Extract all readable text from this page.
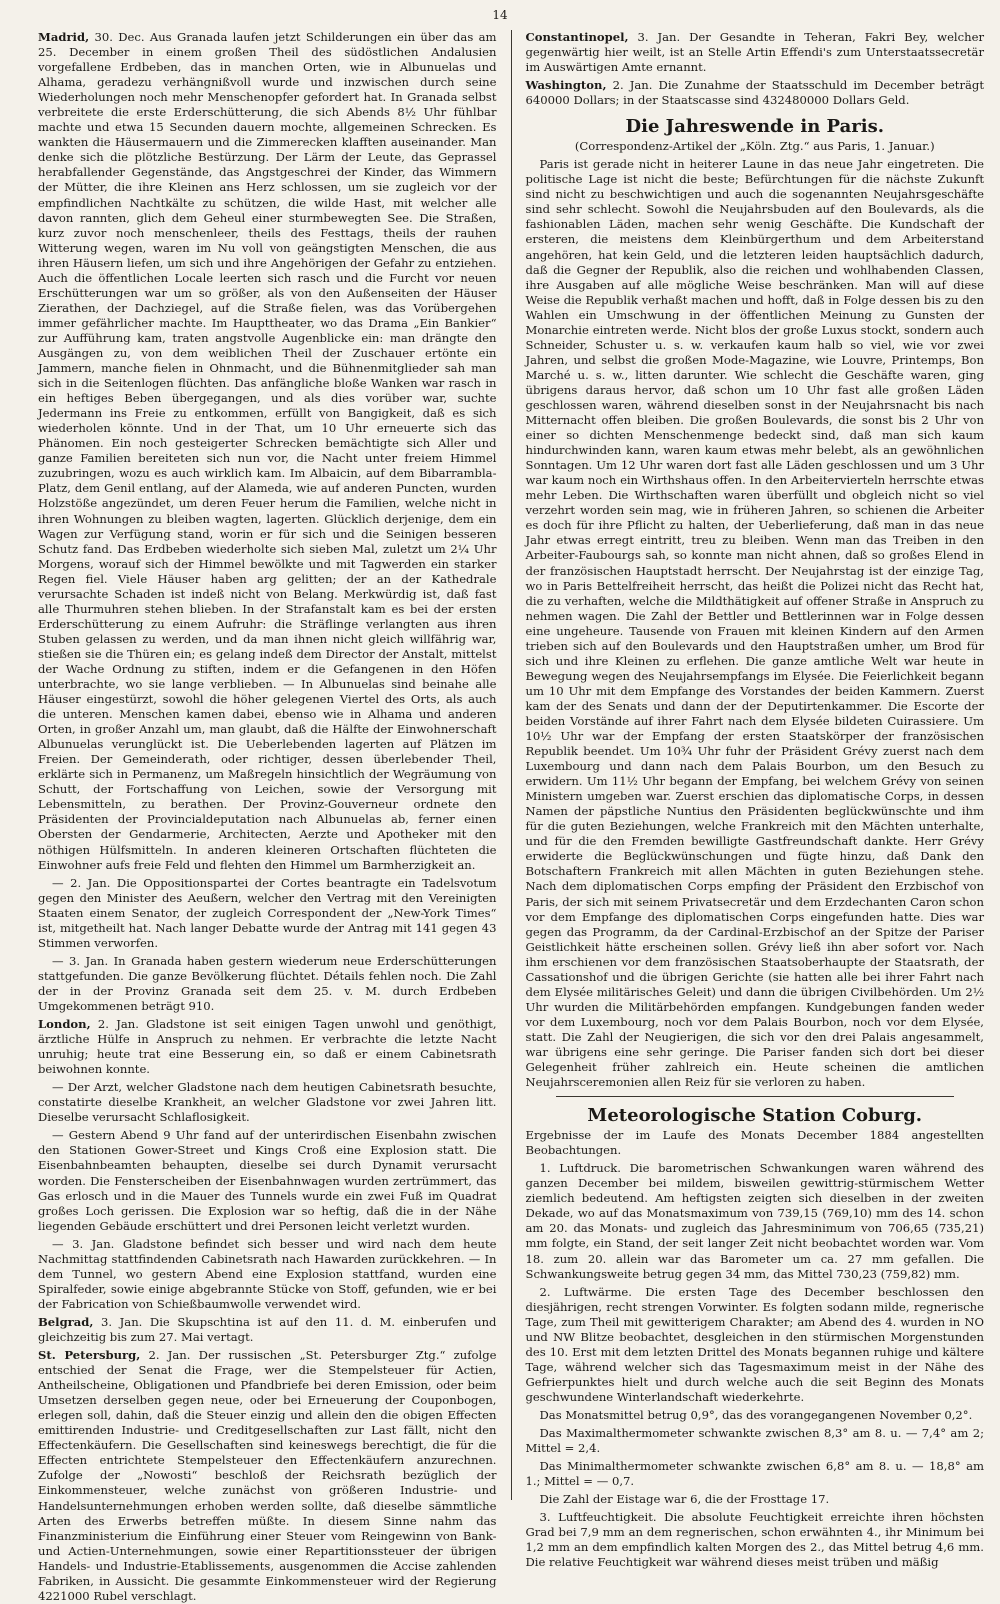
14

Madrid, 30. Dec. Aus Granada laufen jetzt Schilderungen ein über das am 25. December in einem großen Theil des südöstlichen Andalusien vorgefallene Erdbeben, das in manchen Orten, wie in Albunuelas und Alhama, geradezu verhängnißvoll wurde und inzwischen durch seine Wiederholungen noch mehr Menschenopfer gefordert hat. In Granada selbst verbreitete die erste Erderschütterung, die sich Abends 8½ Uhr fühlbar machte und etwa 15 Secunden dauern mochte, allgemeinen Schrecken. Es wankten die Häusermauern und die Zimmerecken klafften auseinander. Man denke sich die plötzliche Bestürzung. Der Lärm der Leute, das Geprassel herabfallender Gegenstände, das Angstgeschrei der Kinder, das Wimmern der Mütter, die ihre Kleinen ans Herz schlossen, um sie zugleich vor der empfindlichen Nachtkälte zu schützen, die wilde Hast, mit welcher alle davon rannten, glich dem Geheul einer sturmbewegten See. Die Straßen, kurz zuvor noch menschenleer, theils des Festtags, theils der rauhen Witterung wegen, waren im Nu voll von geängstigten Menschen, die aus ihren Häusern liefen, um sich und ihre Angehörigen der Gefahr zu entziehen. Auch die öffentlichen Locale leerten sich rasch und die Furcht vor neuen Erschütterungen war um so größer, als von den Außenseiten der Häuser Zierathen, der Dachziegel, auf die Straße fielen, was das Vorübergehen immer gefährlicher machte. Im Haupttheater, wo das Drama „Ein Bankier“ zur Aufführung kam, traten angstvolle Augenblicke ein: man drängte den Ausgängen zu, von dem weiblichen Theil der Zuschauer ertönte ein Jammern, manche fielen in Ohnmacht, und die Bühnenmitglieder sah man sich in die Seitenlogen flüchten. Das anfängliche bloße Wanken war rasch in ein heftiges Beben übergegangen, und als dies vorüber war, suchte Jedermann ins Freie zu entkommen, erfüllt von Bangigkeit, daß es sich wiederholen könnte. Und in der That, um 10 Uhr erneuerte sich das Phänomen. Ein noch gesteigerter Schrecken bemächtigte sich Aller und ganze Familien bereiteten sich nun vor, die Nacht unter freiem Himmel zuzubringen, wozu es auch wirklich kam. Im Albaicin, auf dem Bibarrambla-Platz, dem Genil entlang, auf der Alameda, wie auf anderen Puncten, wurden Holzstöße angezündet, um deren Feuer herum die Familien, welche nicht in ihren Wohnungen zu bleiben wagten, lagerten. Glücklich derjenige, dem ein Wagen zur Verfügung stand, worin er für sich und die Seinigen besseren Schutz fand. Das Erdbeben wiederholte sich sieben Mal, zuletzt um 2¼ Uhr Morgens, worauf sich der Himmel bewölkte und mit Tagwerden ein starker Regen fiel. Viele Häuser haben arg gelitten; der an der Kathedrale verursachte Schaden ist indeß nicht von Belang. Merkwürdig ist, daß fast alle Thurmuhren stehen blieben. In der Strafanstalt kam es bei der ersten Erderschütterung zu einem Aufruhr: die Sträflinge verlangten aus ihren Stuben gelassen zu werden, und da man ihnen nicht gleich willfährig war, stießen sie die Thüren ein; es gelang indeß dem Director der Anstalt, mittelst der Wache Ordnung zu stiften, indem er die Gefangenen in den Höfen unterbrachte, wo sie lange verblieben. — In Albunuelas sind beinahe alle Häuser eingestürzt, sowohl die höher gelegenen Viertel des Orts, als auch die unteren. Menschen kamen dabei, ebenso wie in Alhama und anderen Orten, in großer Anzahl um, man glaubt, daß die Hälfte der Einwohnerschaft Albunuelas verunglückt ist. Die Ueberlebenden lagerten auf Plätzen im Freien. Der Gemeinderath, oder richtiger, dessen überlebender Theil, erklärte sich in Permanenz, um Maßregeln hinsichtlich der Wegräumung von Schutt, der Fortschaffung von Leichen, sowie der Versorgung mit Lebensmitteln, zu berathen. Der Provinz-Gouverneur ordnete den Präsidenten der Provincialdeputation nach Albunuelas ab, ferner einen Obersten der Gendarmerie, Architecten, Aerzte und Apotheker mit den nöthigen Hülfsmitteln. In anderen kleineren Ortschaften flüchteten die Einwohner aufs freie Feld und flehten den Himmel um Barmherzigkeit an.

— 2. Jan. Die Oppositionspartei der Cortes beantragte ein Tadelsvotum gegen den Minister des Aeußern, welcher den Vertrag mit den Vereinigten Staaten einem Senator, der zugleich Correspondent der „New-York Times“ ist, mitgetheilt hat. Nach langer Debatte wurde der Antrag mit 141 gegen 43 Stimmen verworfen.

— 3. Jan. In Granada haben gestern wiederum neue Erderschütterungen stattgefunden. Die ganze Bevölkerung flüchtet. Détails fehlen noch. Die Zahl der in der Provinz Granada seit dem 25. v. M. durch Erdbeben Umgekommenen beträgt 910.

London, 2. Jan. Gladstone ist seit einigen Tagen unwohl und genöthigt, ärztliche Hülfe in Anspruch zu nehmen. Er verbrachte die letzte Nacht unruhig; heute trat eine Besserung ein, so daß er einem Cabinetsrath beiwohnen konnte.

— Der Arzt, welcher Gladstone nach dem heutigen Cabinetsrath besuchte, constatirte dieselbe Krankheit, an welcher Gladstone vor zwei Jahren litt. Dieselbe verursacht Schlaflosigkeit.

— Gestern Abend 9 Uhr fand auf der unterirdischen Eisenbahn zwischen den Stationen Gower-Street und Kings Croß eine Explosion statt. Die Eisenbahnbeamten behaupten, dieselbe sei durch Dynamit verursacht worden. Die Fensterscheiben der Eisenbahnwagen wurden zertrümmert, das Gas erlosch und in die Mauer des Tunnels wurde ein zwei Fuß im Quadrat großes Loch gerissen. Die Explosion war so heftig, daß die in der Nähe liegenden Gebäude erschüttert und drei Personen leicht verletzt wurden.

— 3. Jan. Gladstone befindet sich besser und wird nach dem heute Nachmittag stattfindenden Cabinetsrath nach Hawarden zurückkehren. — In dem Tunnel, wo gestern Abend eine Explosion stattfand, wurden eine Spiralfeder, sowie einige abgebrannte Stücke von Stoff, gefunden, wie er bei der Fabrication von Schießbaumwolle verwendet wird.

Belgrad, 3. Jan. Die Skupschtina ist auf den 11. d. M. einberufen und gleichzeitig bis zum 27. Mai vertagt.

St. Petersburg, 2. Jan. Der russischen „St. Petersburger Ztg.“ zufolge entschied der Senat die Frage, wer die Stempelsteuer für Actien, Antheilscheine, Obligationen und Pfandbriefe bei deren Emission, oder beim Umsetzen derselben gegen neue, oder bei Erneuerung der Couponbogen, erlegen soll, dahin, daß die Steuer einzig und allein den die obigen Effecten emittirenden Industrie- und Creditgesellschaften zur Last fällt, nicht den Effectenkäufern. Die Gesellschaften sind keineswegs berechtigt, die für die Effecten entrichtete Stempelsteuer den Effectenkäufern anzurechnen. Zufolge der „Nowosti“ beschloß der Reichsrath bezüglich der Einkommensteuer, welche zunächst von größeren Industrie- und Handelsunternehmungen erhoben werden sollte, daß dieselbe sämmtliche Arten des Erwerbs betreffen müßte. In diesem Sinne nahm das Finanzministerium die Einführung einer Steuer vom Reingewinn von Bank- und Actien-Unternehmungen, sowie einer Repartitionssteuer der übrigen Handels- und Industrie-Etablissements, ausgenommen die Accise zahlenden Fabriken, in Aussicht. Die gesammte Einkommensteuer wird der Regierung 4221000 Rubel verschlagt.

Constantinopel, 3. Jan. Der Gesandte in Teheran, Fakri Bey, welcher gegenwärtig hier weilt, ist an Stelle Artin Effendi's zum Unterstaatssecretär im Auswärtigen Amte ernannt.

Washington, 2. Jan. Die Zunahme der Staatsschuld im December beträgt 640000 Dollars; in der Staatscasse sind 432480000 Dollars Geld.

Die Jahreswende in Paris.
(Correspondenz-Artikel der „Köln. Ztg.“ aus Paris, 1. Januar.)

Paris ist gerade nicht in heiterer Laune in das neue Jahr eingetreten. Die politische Lage ist nicht die beste; Befürchtungen für die nächste Zukunft sind nicht zu beschwichtigen und auch die sogenannten Neujahrsgeschäfte sind sehr schlecht. Sowohl die Neujahrsbuden auf den Boulevards, als die fashionablen Läden, machen sehr wenig Geschäfte. Die Kundschaft der ersteren, die meistens dem Kleinbürgerthum und dem Arbeiterstand angehören, hat kein Geld, und die letzteren leiden hauptsächlich dadurch, daß die Gegner der Republik, also die reichen und wohlhabenden Classen, ihre Ausgaben auf alle mögliche Weise beschränken. Man will auf diese Weise die Republik verhaßt machen und hofft, daß in Folge dessen bis zu den Wahlen ein Umschwung in der öffentlichen Meinung zu Gunsten der Monarchie eintreten werde. Nicht blos der große Luxus stockt, sondern auch Schneider, Schuster u. s. w. verkaufen kaum halb so viel, wie vor zwei Jahren, und selbst die großen Mode-Magazine, wie Louvre, Printemps, Bon Marché u. s. w., litten darunter. Wie schlecht die Geschäfte waren, ging übrigens daraus hervor, daß schon um 10 Uhr fast alle großen Läden geschlossen waren, während dieselben sonst in der Neujahrsnacht bis nach Mitternacht offen bleiben. Die großen Boulevards, die sonst bis 2 Uhr von einer so dichten Menschenmenge bedeckt sind, daß man sich kaum hindurchwinden kann, waren kaum etwas mehr belebt, als an gewöhnlichen Sonntagen. Um 12 Uhr waren dort fast alle Läden geschlossen und um 3 Uhr war kaum noch ein Wirthshaus offen. In den Arbeitervierteln herrschte etwas mehr Leben. Die Wirthschaften waren überfüllt und obgleich nicht so viel verzehrt worden sein mag, wie in früheren Jahren, so schienen die Arbeiter es doch für ihre Pflicht zu halten, der Ueberlieferung, daß man in das neue Jahr etwas erregt eintritt, treu zu bleiben. Wenn man das Treiben in den Arbeiter-Faubourgs sah, so konnte man nicht ahnen, daß so großes Elend in der französischen Hauptstadt herrscht. Der Neujahrstag ist der einzige Tag, wo in Paris Bettelfreiheit herrscht, das heißt die Polizei nicht das Recht hat, die zu verhaften, welche die Mildthätigkeit auf offener Straße in Anspruch zu nehmen wagen. Die Zahl der Bettler und Bettlerinnen war in Folge dessen eine ungeheure. Tausende von Frauen mit kleinen Kindern auf den Armen trieben sich auf den Boulevards und den Hauptstraßen umher, um Brod für sich und ihre Kleinen zu erflehen. Die ganze amtliche Welt war heute in Bewegung wegen des Neujahrsempfangs im Elysée. Die Feierlichkeit begann um 10 Uhr mit dem Empfange des Vorstandes der beiden Kammern. Zuerst kam der des Senats und dann der der Deputirtenkammer. Die Escorte der beiden Vorstände auf ihrer Fahrt nach dem Elysée bildeten Cuirassiere. Um 10½ Uhr war der Empfang der ersten Staatskörper der französischen Republik beendet. Um 10¾ Uhr fuhr der Präsident Grévy zuerst nach dem Luxembourg und dann nach dem Palais Bourbon, um den Besuch zu erwidern. Um 11½ Uhr begann der Empfang, bei welchem Grévy von seinen Ministern umgeben war. Zuerst erschien das diplomatische Corps, in dessen Namen der päpstliche Nuntius den Präsidenten beglückwünschte und ihm für die guten Beziehungen, welche Frankreich mit den Mächten unterhalte, und für die den Fremden bewilligte Gastfreundschaft dankte. Herr Grévy erwiderte die Beglückwünschungen und fügte hinzu, daß Dank den Botschaftern Frankreich mit allen Mächten in guten Beziehungen stehe. Nach dem diplomatischen Corps empfing der Präsident den Erzbischof von Paris, der sich mit seinem Privatsecretär und dem Erzdechanten Caron schon vor dem Empfange des diplomatischen Corps eingefunden hatte. Dies war gegen das Programm, da der Cardinal-Erzbischof an der Spitze der Pariser Geistlichkeit hätte erscheinen sollen. Grévy ließ ihn aber sofort vor. Nach ihm erschienen vor dem französischen Staatsoberhaupte der Staatsrath, der Cassationshof und die übrigen Gerichte (sie hatten alle bei ihrer Fahrt nach dem Elysée militärisches Geleit) und dann die übrigen Civilbehörden. Um 2½ Uhr wurden die Militärbehörden empfangen. Kundgebungen fanden weder vor dem Luxembourg, noch vor dem Palais Bourbon, noch vor dem Elysée, statt. Die Zahl der Neugierigen, die sich vor den drei Palais angesammelt, war übrigens eine sehr geringe. Die Pariser fanden sich dort bei dieser Gelegenheit früher zahlreich ein. Heute scheinen die amtlichen Neujahrsceremonien allen Reiz für sie verloren zu haben.

Meteorologische Station Coburg.

Ergebnisse der im Laufe des Monats December 1884 angestellten Beobachtungen.

1. Luftdruck. Die barometrischen Schwankungen waren während des ganzen December bei mildem, bisweilen gewittrig-stürmischem Wetter ziemlich bedeutend. Am heftigsten zeigten sich dieselben in der zweiten Dekade, wo auf das Monatsmaximum von 739,15 (769,10) mm des 14. schon am 20. das Monats- und zugleich das Jahresminimum von 706,65 (735,21) mm folgte, ein Stand, der seit langer Zeit nicht beobachtet worden war. Vom 18. zum 20. allein war das Barometer um ca. 27 mm gefallen. Die Schwankungsweite betrug gegen 34 mm, das Mittel 730,23 (759,82) mm.

2. Luftwärme. Die ersten Tage des December beschlossen den diesjährigen, recht strengen Vorwinter. Es folgten sodann milde, regnerische Tage, zum Theil mit gewitterigem Charakter; am Abend des 4. wurden in NO und NW Blitze beobachtet, desgleichen in den stürmischen Morgenstunden des 10. Erst mit dem letzten Drittel des Monats begannen ruhige und kältere Tage, während welcher sich das Tagesmaximum meist in der Nähe des Gefrierpunktes hielt und durch welche auch die seit Beginn des Monats geschwundene Winterlandschaft wiederkehrte.

Das Monatsmittel betrug 0,9°, das des vorangegangenen November 0,2°.

Das Maximalthermometer schwankte zwischen 8,3° am 8. u. — 7,4° am 2; Mittel = 2,4.

Das Minimalthermometer schwankte zwischen 6,8° am 8. u. — 18,8° am 1.; Mittel = — 0,7.

Die Zahl der Eistage war 6, die der Frosttage 17.

3. Luftfeuchtigkeit. Die absolute Feuchtigkeit erreichte ihren höchsten Grad bei 7,9 mm an dem regnerischen, schon erwähnten 4., ihr Minimum bei 1,2 mm an dem empfindlich kalten Morgen des 2., das Mittel betrug 4,6 mm. Die relative Feuchtigkeit war während dieses meist trüben und mäßig
